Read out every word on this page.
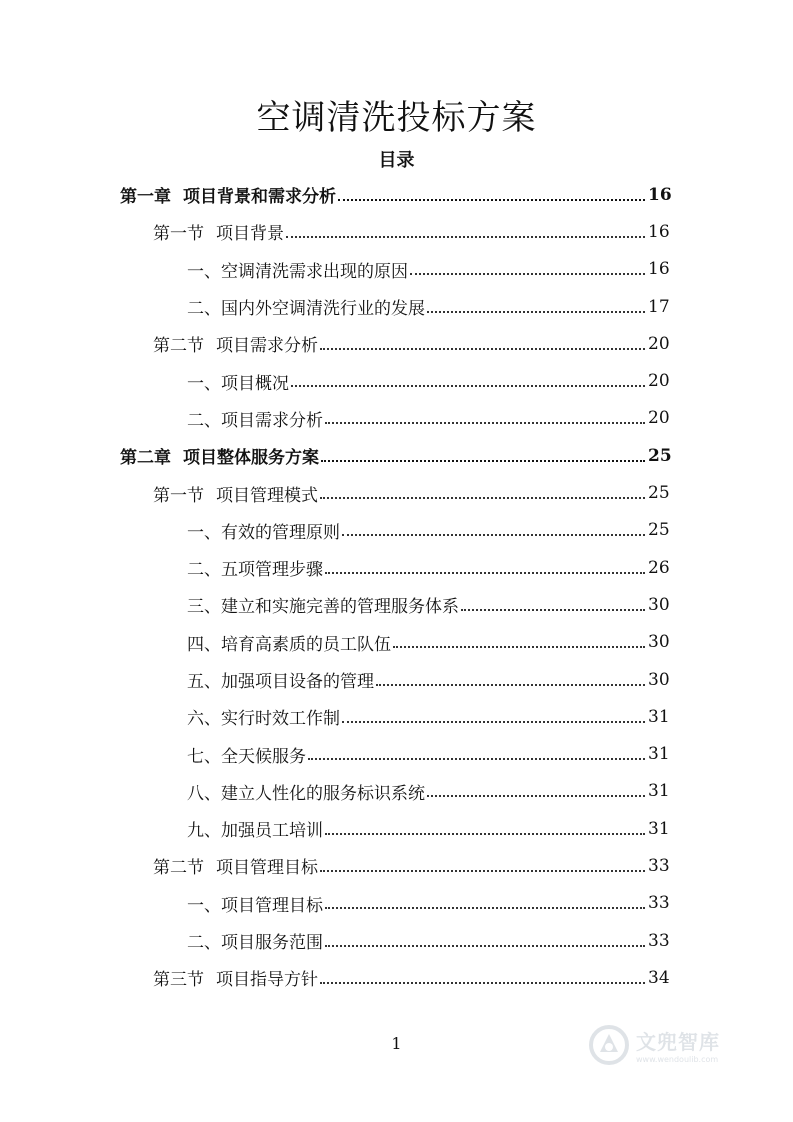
空调清洗投标方案
目录
第一章 项目背景和需求分析	16
第一节 项目背景	16
一、 空调清洗需求出现的原因	16
二、 国内外空调清洗行业的发展	17
第二节 项目需求分析	20
一、 项目概况	20
二、 项目需求分析	20
第二章 项目整体服务方案	25
第一节 项目管理模式	25
一、 有效的管理原则	25
二、 五项管理步骤	26
三、 建立和实施完善的管理服务体系	30
四、 培育高素质的员工队伍	30
五、 加强项目设备的管理	30
六、 实行时效工作制	31
七、 全天候服务	31
八、 建立人性化的服务标识系统	31
九、 加强员工培训	31
第二节 项目管理目标	33
一、 项目管理目标	33
二、 项目服务范围	33
第三节 项目指导方针	34
1	文兜智库
www.wendoulib.com
